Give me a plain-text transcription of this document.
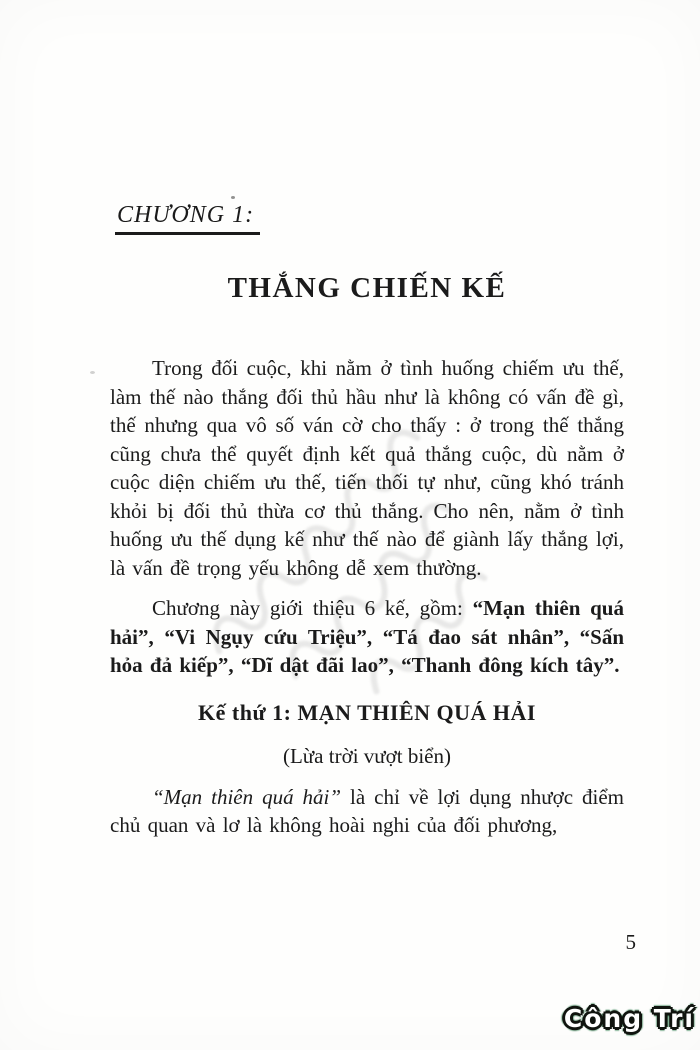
CHƯƠNG 1:
THẮNG CHIẾN KẾ

Trong đối cuộc, khi nằm ở tình huống chiếm ưu thế, làm thế nào thắng đối thủ hầu như là không có vấn đề gì, thế nhưng qua vô số ván cờ cho thấy : ở trong thế thắng cũng chưa thể quyết định kết quả thắng cuộc, dù nằm ở cuộc diện chiếm ưu thế, tiến thối tự như, cũng khó tránh khỏi bị đối thủ thừa cơ thủ thắng. Cho nên, nằm ở tình huống ưu thế dụng kế như thế nào để giành lấy thắng lợi, là vấn đề trọng yếu không dễ xem thường.

Chương này giới thiệu 6 kế, gồm: “Mạn thiên quá hải”, “Vi Ngụy cứu Triệu”, “Tá đao sát nhân”, “Sấn hỏa đả kiếp”, “Dĩ dật đãi lao”, “Thanh đông kích tây”.

Kế thứ 1: MẠN THIÊN QUÁ HẢI
(Lừa trời vượt biển)

“Mạn thiên quá hải” là chỉ về lợi dụng nhược điểm chủ quan và lơ là không hoài nghi của đối phương,

5
Công Trí
